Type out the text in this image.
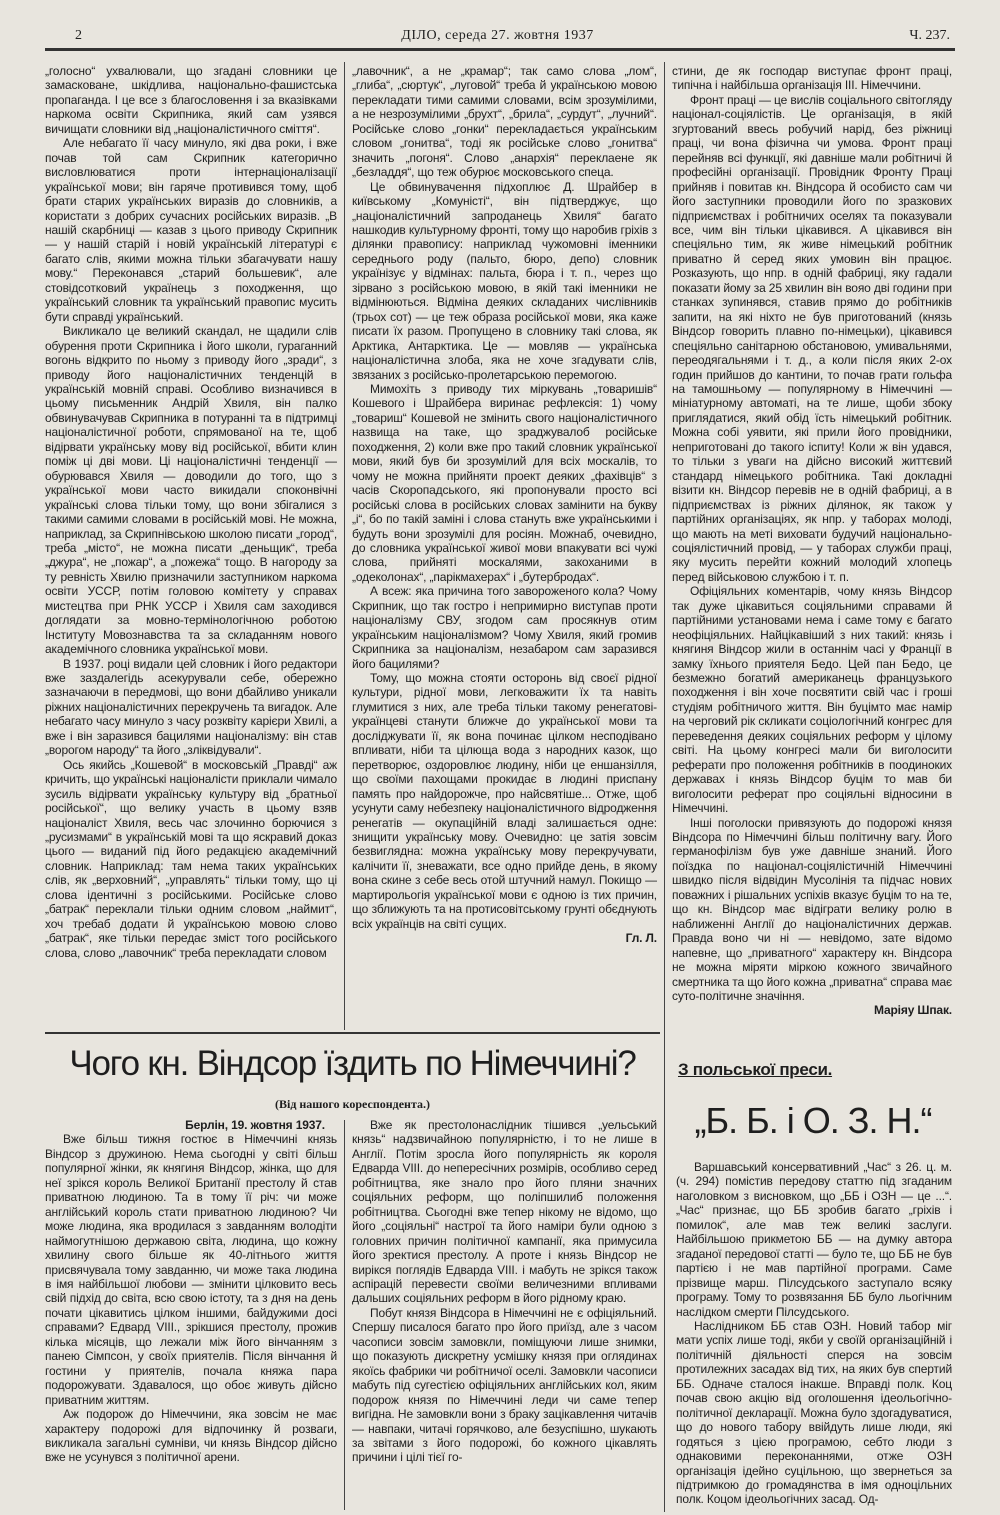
2	ДІЛО, середа 27. жовтня 1937	Ч. 237.

„голосно“ ухвалювали, що згадані словники це замасковане, шкідлива, національно-фашистська пропаганда. І це все з благословення і за вказівками наркома освіти Скрипника, який сам узявся вичищати словники від „націоналістичного сміття“.

Але небагато її часу минуло, які два роки, і вже почав той сам Скрипник категорично висловлюватися проти інтернаціоналізації української мови; він гаряче противився тому, щоб брати старих українських виразів до словників, а користати з добрих сучасних російських виразів. „В нашій скарбниці — казав з цього приводу Скрипник — у нашій старій і новій українській літературі є багато слів, якими можна тільки збагачувати нашу мову.“ Переконався „старий большевик“, але стовідсотковий українець з походження, що український словник та український правопис мусить бути справді український.

Викликало це великий скандал, не щадили слів обурення проти Скрипника і його школи, гураганний вогонь відкрито по ньому з приводу його „зради“, з приводу його націоналістичних тенденцій в українській мовній справі. Особливо визначився в цьому письменник Андрій Хвиля, він палко обвинувачував Скрипника в потуранні та в підтримці націоналістичної роботи, спрямованої на те, щоб відірвати українську мову від російської, вбити клин поміж ці дві мови. Ці націоналістичні тенденції — обурювався Хвиля — доводили до того, що з української мови часто викидали споконвічні українські слова тільки тому, що вони збігалися з такими самими словами в російській мові. Не можна, наприклад, за Скрипнівською школою писати „город“, треба „місто“, не можна писати „деньщик“, треба „джура“, не „пожар“, а „пожежа“ тощо. В нагороду за ту ревність Хвилю призначили заступником наркома освіти УССР, потім головою комітету у справах мистецтва при РНК УССР і Хвиля сам заходився доглядати за мовно-термінологічною роботою Інституту Мовознавства та за складанням нового академічного словника української мови.

В 1937. році видали цей словник і його редактори вже заздалегідь асекурували себе, обережно зазначаючи в передмові, що вони дбайливо уникали ріжних націоналістичних перекручень та вигадок. Але небагато часу минуло з часу розквіту карієри Хвилі, а вже і він заразився бацилями націоналізму: він став „ворогом народу“ та його „зліквідували“.

Ось якийсь „Кошевой“ в московській „Правді“ аж кричить, що українські націоналісти приклали чимало зусиль відірвати українську культуру від „братньої російської“, що велику участь в цьому взяв націоналіст Хвиля, весь час злочинно борючися з „русизмами“ в українській мові та що яскравий доказ цього — виданий під його редакцією академічний словник. Наприклад: там нема таких українських слів, як „верховний“, „управлять“ тільки тому, що ці слова ідентичні з російськими. Російське слово „батрак“ переклали тільки одним словом „наймит“, хоч требаб додати й українською мовою слово „батрак“, яке тільки передає зміст того російського слова, слово „лавочник“ треба перекладати словом

„лавочник“, а не „крамар“; так само слова „лом“, „глиба“, „сюртук“, „луговой“ треба й українською мовою перекладати тими самими словами, всім зрозумілими, а не незрозумілими „брухт“, „брила“, „сурдут“, „лучний“. Російське слово „гонки“ перекладається українським словом „гонитва“, тоді як російське слово „гонитва“ значить „погоня“. Слово „анархія“ переклаене як „безладдя“, що теж обурює московського спеца.

Це обвинувачення підхоплює Д. Шрайбер в київському „Комуністі“, він підтверджує, що „націоналістичний запроданець Хвиля“ багато нашкодив культурному фронті, тому що наробив гріхів з ділянки правопису: наприклад чужомовні іменники середнього роду (пальто, бюро, депо) словник українізує у відмінах: пальта, бюра і т. п., через що зірвано з російською мовою, в якій такі іменники не відмінюються. Відміна деяких складаних числівників (трьох сот) — це теж образа російської мови, яка каже писати їх разом. Пропущено в словнику такі слова, як Арктика, Антарктика. Це — мовляв — українська націоналістична злоба, яка не хоче згадувати слів, звязаних з російсько-пролетарською перемогою.

Мимохіть з приводу тих міркувань „товаришів“ Кошевого і Шрайбера виринає рефлексія: 1) чому „товариш“ Кошевой не змінить свого націоналістичного назвища на таке, що зраджувалоб російське походження, 2) коли вже про такий словник української мови, який був би зрозумілий для всіх москалів, то чому не можна прийняти проект деяких „фахівців“ з часів Скоропадського, які пропонували просто всі російські слова в російських словах замінити на букву „і“, бо по такій заміні і слова стануть вже українськими і будуть вони зрозумілі для росіян. Можнаб, очевидно, до словника української живої мови впакувати всі чужі слова, прийняті москалями, закоханими в „одеколонах“, „парікмахерах“ і „бутербродах“.

А всеж: яка причина того завороженого кола? Чому Скрипник, що так гостро і непримирно виступав проти націоналізму СВУ, згодом сам просякнув отим українським націоналізмом? Чому Хвиля, який громив Скрипника за націоналізм, незабаром сам заразився його бацилями?

Тому, що можна стояти осторонь від своєї рідної культури, рідної мови, легковажити їх та навіть глумитися з них, але треба тільки такому ренегатові-українцеві станути ближче до української мови та досліджувати її, як вона починає цілком несподівано впливати, ніби та цілюща вода з народних казок, що перетворює, оздоровлює людину, ніби це еншанзілля, що своїми пахощами прокидає в людині приспану память про найдорожче, про найсвятіше... Отже, щоб усунути саму небезпеку націоналістичного відродження ренегатів — окупаційній владі залишається одне: знищити українську мову. Очевидно: це затія зовсім безвиглядна: можна українську мову перекручувати, калічити її, зневажати, все одно прийде день, в якому вона скине з себе весь отой штучний намул. Покищо — мартирольогія української мови є одною із тих причин, що зближують та на протисовітському грунті обєднують всіх українців на світі сущих.

Гл. Л.

стини, де як господар виступає фронт праці, типічна і найбільша організація III. Німеччини.

Фронт праці — це вислів соціального світогляду націонал-соціялістів. Це організація, в якій згуртований ввесь робучий нарід, без ріжниці праці, чи вона фізична чи умова. Фронт праці перейняв всі функції, які давніше мали робітничі й професійні організації. Провідник Фронту Праці прийняв і повитав кн. Віндсора й особисто сам чи його заступники проводили його по зразкових підприємствах і робітничих оселях та показували все, чим він тільки цікавився. А цікавився він спеціяльно тим, як живе німецький робітник приватно й серед яких умовин він працює. Розказують, що нпр. в одній фабриці, яку гадали показати йому за 25 хвилин він вояо дві години при станках зупинявся, ставив прямо до робітників запити, на які ніхто не був приготований (князь Віндсор говорить плавно по-німецьки), цікавився спеціяльно санітарною обстановою, умивальнями, переодягальнями і т. д., а коли після яких 2-ох годин прийшов до кантини, то почав грати гольфа на тамошньому — популярному в Німеччині — мініатурному автоматі, на те лише, щоби збоку приглядатися, який обід їсть німецький робітник. Можна собі уявити, які прили його провідники, неприготовані до такого іспиту! Коли ж він удався, то тільки з уваги на дійсно високий життєвий стандард німецького робітника. Такі докладні візити кн. Віндсор перевів не в одній фабриці, а в підприємствах із ріжних ділянок, як також у партійних організаціях, як нпр. у таборах молоді, що мають на меті виховати будучий національно-соціялістичний провід, — у таборах служби праці, яку мусить перейти кожний молодий хлопець перед військовою службою і т. п.

Офіціяльних коментарів, чому князь Віндсор так дуже цікавиться соціяльними справами й партійними установами нема і саме тому є багато неофіціяльних. Найцікавіший з них такий: князь і княгиня Віндсор жили в останнім часі у Франції в замку їхнього приятеля Бедо. Цей пан Бедо, це безмежно богатий американець французького походження і він хоче посвятити свій час і гроші студіям робітничого життя. Він буцімто має намір на черговий рік скликати соціологічний конгрес для переведення деяких соціяльних реформ у цілому світі. На цьому конгресі мали би виголосити реферати про положення робітників в поодиноких державах і князь Віндсор буцім то мав би виголосити реферат про соціяльні відносини в Німеччині.

Інші поголоски привязують до подорожі князя Віндсора по Німеччині більш політичну вагу. Його германофілізм був уже давніше знаний. Його поїздка по націонал-соціялістичній Німеччині швидко після відвідин Мусолінія та підчас нових поважних і рішальних успіхів вказує буцім то на те, що кн. Віндсор має відіграти велику ролю в наближенні Англії до націоналістичних держав. Правда воно чи ні — невідомо, зате відомо напевне, що „приватного“ характеру кн. Віндсора не можна міряти міркою кожного звичайного смертника та що його кожна „приватна“ справа має суто-політичне значіння.

Маріяу Шпак.

Чого кн. Віндсор їздить по Німеччині?
(Від нашого кореспондента.)

Берлін, 19. жовтня 1937.

Вже більш тижня гостює в Німеччині князь Віндсор з дружиною. Нема сьогодні у світі більш популярної жінки, як княгиня Віндсор, жінка, що для неї зрікся король Великої Британії престолу й став приватною людиною. Та в тому її річ: чи може англійський король стати приватною людиною? Чи може людина, яка вродилася з завданням володіти наймогутнішою державою світа, людина, що кожну хвилину свого більше як 40-літнього життя присвячувала тому завданню, чи може така людина в імя найбільшої любови — змінити цілковито весь свій підхід до світа, всю свою істоту, та з дня на день почати цікавитись цілком іншими, байдужими досі справами? Едвард VIII., зрікшися престолу, прожив кілька місяців, що лежали між його вінчанням з панею Сімпсон, у своїх приятелів. Після вінчання й гостини у приятелів, почала княжа пара подорожувати. Здавалося, що обоє живуть дійсно приватним життям.

Аж подорож до Німеччини, яка зовсім не має характеру подорожі для відпочинку й розваги, викликала загальні сумніви, чи князь Віндсор дійсно вже не усунувся з політичної арени.

Вже як престолонаслідник тішився „уельський князь“ надзвичайною популярністю, і то не лише в Англії. Потім зросла його популярність як короля Едварда VIII. до непересічних розмірів, особливо серед робітництва, яке знало про його пляни значних соціяльних реформ, що поліпшилиб положення робітництва. Сьогодні вже тепер нікому не відомо, що його „соціяльні“ настрої та його наміри були одною з головних причин політичної кампанії, яка примусила його зректися престолу. А проте і князь Віндсор не вирікся поглядів Едварда VIII. і мабуть не зрікся також аспірацій перевести своїми величезними впливами дальших соціяльних реформ в його рідному краю.

Побут князя Віндсора в Німеччині не є офіціяльний. Спершу писалося багато про його приїзд, але з часом часописи зовсім замовкли, поміщуючи лише знимки, що показують дискретну усмішку князя при оглядинах якоїсь фабрики чи робітничої оселі. Замовкли часописи мабуть під сугестією офіціяльних англійських кол, яким подорож князя по Німеччині леди чи саме тепер вигідна. Не замовкли вони з браку зацікавлення читачів — навпаки, читачі горячково, але безуспішно, шукають за звітами з його подорожі, бо кожного цікавлять причини і цілі тієї го-

З польської преси.
„Б. Б. і О. З. Н.“

Варшавський консервативний „Час“ з 26. ц. м. (ч. 294) помістив передову статтю під згаданим наголовком з висновком, що „ББ і ОЗН — це ...“. „Час“ признає, що ББ зробив багато „гріхів і помилок“, але мав теж великі заслуги. Найбільшою прикметою ББ — на думку автора згаданої передової статті — було те, що ББ не був партією і не мав партійної програми. Саме прізвище марш. Пілсудського заступало всяку програму. Тому то розвязання ББ було льогічним наслідком смерти Пілсудського.

Наслідником ББ став ОЗН. Новий табор міг мати успіх лише тоді, якби у своїй організаційній і політичній діяльності сперся на зовсім протилежних засадах від тих, на яких був спертий ББ. Одначе сталося інакше. Вправді полк. Коц почав свою акцію від оголошення ідеольогічно-політичної декларації. Можна було здогадуватися, що до нового табору ввійдуть лише люди, які годяться з цією програмою, себто люди з однаковими переконаннями, отже ОЗН організація ідейно суцільною, що звернеться за підтримкою до громадянства в імя одноцільних полк. Коцом ідеольогічних засад. Од-
